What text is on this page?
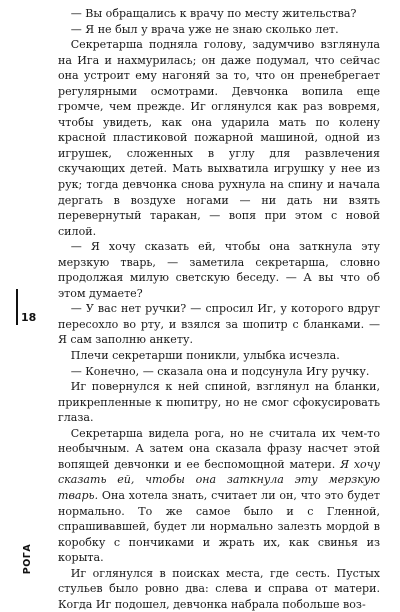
— Вы обращались к врачу по месту жительства?

— Я не был у врача уже не знаю сколько лет.

Секретарша подняла голову, задумчиво взглянула на Ига и нахмурилась; он даже подумал, что сейчас она устроит ему нагоняй за то, что он пренебрегает регулярными осмотрами. Девчонка вопила еще громче, чем прежде. Иг оглянулся как раз вовремя, чтобы увидеть, как она ударила мать по колену красной пластиковой пожарной машиной, одной из игрушек, сложенных в углу для развлечения скучающих детей. Мать выхватила игрушку у нее из рук; тогда девчонка снова рухнула на спину и начала дергать в воздухе ногами — ни дать ни взять перевернутый таракан, — вопя при этом с новой силой.

— Я хочу сказать ей, чтобы она заткнула эту мерзкую тварь, — заметила секретарша, словно продолжая милую светскую беседу. — А вы что об этом думаете?

— У вас нет ручки? — спросил Иг, у которого вдруг пересохло во рту, и взялся за шопитр с бланками. — Я сам заполню анкету.

Плечи секретарши поникли, улыбка исчезла.

— Конечно, — сказала она и подсунула Игу ручку.

Иг повернулся к ней спиной, взглянул на бланки, прикрепленные к пюпитру, но не смог сфокусировать глаза.

Секретарша видела рога, но не считала их чем-то необычным. А затем она сказала фразу насчет этой вопящей девчонки и ее беспомощной матери. Я хочу сказать ей, чтобы она заткнула эту мерзкую тварь. Она хотела знать, считает ли он, что это будет нормально. То же самое было и с Гленной, спрашивавшей, будет ли нормально залезть мордой в коробку с пончиками и жрать их, как свинья из корыта.

Иг оглянулся в поисках места, где сесть. Пустых стульев было ровно два: слева и справа от матери. Когда Иг подошел, девчонка набрала побольше воз-

18
РОГА
